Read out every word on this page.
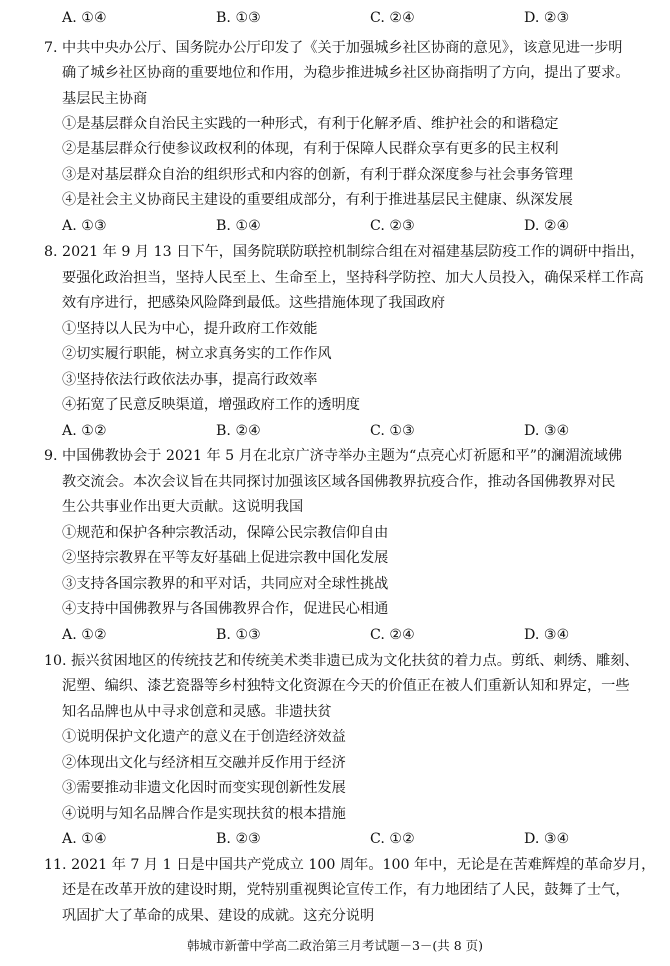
A. ①④	B. ①③	C. ②④	D. ②③
7. 中共中央办公厅、国务院办公厅印发了《关于加强城乡社区协商的意见》，该意见进一步明
确了城乡社区协商的重要地位和作用，为稳步推进城乡社区协商指明了方向，提出了要求。
基层民主协商
①是基层群众自治民主实践的一种形式，有利于化解矛盾、维护社会的和谐稳定
②是基层群众行使参议政权利的体现，有利于保障人民群众享有更多的民主权利
③是对基层群众自治的组织形式和内容的创新，有利于群众深度参与社会事务管理
④是社会主义协商民主建设的重要组成部分，有利于推进基层民主健康、纵深发展
A. ①③	B. ①④	C. ②③	D. ②④
8. 2021 年 9 月 13 日下午，国务院联防联控机制综合组在对福建基层防疫工作的调研中指出，
要强化政治担当，坚持人民至上、生命至上，坚持科学防控、加大人员投入，确保采样工作高
效有序进行，把感染风险降到最低。这些措施体现了我国政府
①坚持以人民为中心，提升政府工作效能
②切实履行职能，树立求真务实的工作作风
③坚持依法行政依法办事，提高行政效率
④拓宽了民意反映渠道，增强政府工作的透明度
A. ①②	B. ②④	C. ①③	D. ③④
9. 中国佛教协会于 2021 年 5 月在北京广济寺举办主题为“点亮心灯祈愿和平”的澜湄流域佛
教交流会。本次会议旨在共同探讨加强该区域各国佛教界抗疫合作，推动各国佛教界对民
生公共事业作出更大贡献。这说明我国
①规范和保护各种宗教活动，保障公民宗教信仰自由
②坚持宗教界在平等友好基础上促进宗教中国化发展
③支持各国宗教界的和平对话，共同应对全球性挑战
④支持中国佛教界与各国佛教界合作，促进民心相通
A. ①②	B. ①③	C. ②④	D. ③④
10. 振兴贫困地区的传统技艺和传统美术类非遗已成为文化扶贫的着力点。剪纸、刺绣、雕刻、
泥塑、编织、漆艺瓷器等乡村独特文化资源在今天的价值正在被人们重新认知和界定，一些
知名品牌也从中寻求创意和灵感。非遗扶贫
①说明保护文化遗产的意义在于创造经济效益
②体现出文化与经济相互交融并反作用于经济
③需要推动非遗文化因时而变实现创新性发展
④说明与知名品牌合作是实现扶贫的根本措施
A. ①④	B. ②③	C. ①②	D. ③④
11. 2021 年 7 月 1 日是中国共产党成立 100 周年。100 年中，无论是在苦难辉煌的革命岁月，
还是在改革开放的建设时期，党特别重视舆论宣传工作，有力地团结了人民，鼓舞了士气，
巩固扩大了革命的成果、建设的成就。这充分说明
韩城市新蕾中学高二政治第三月考试题－3－(共 8 页)
